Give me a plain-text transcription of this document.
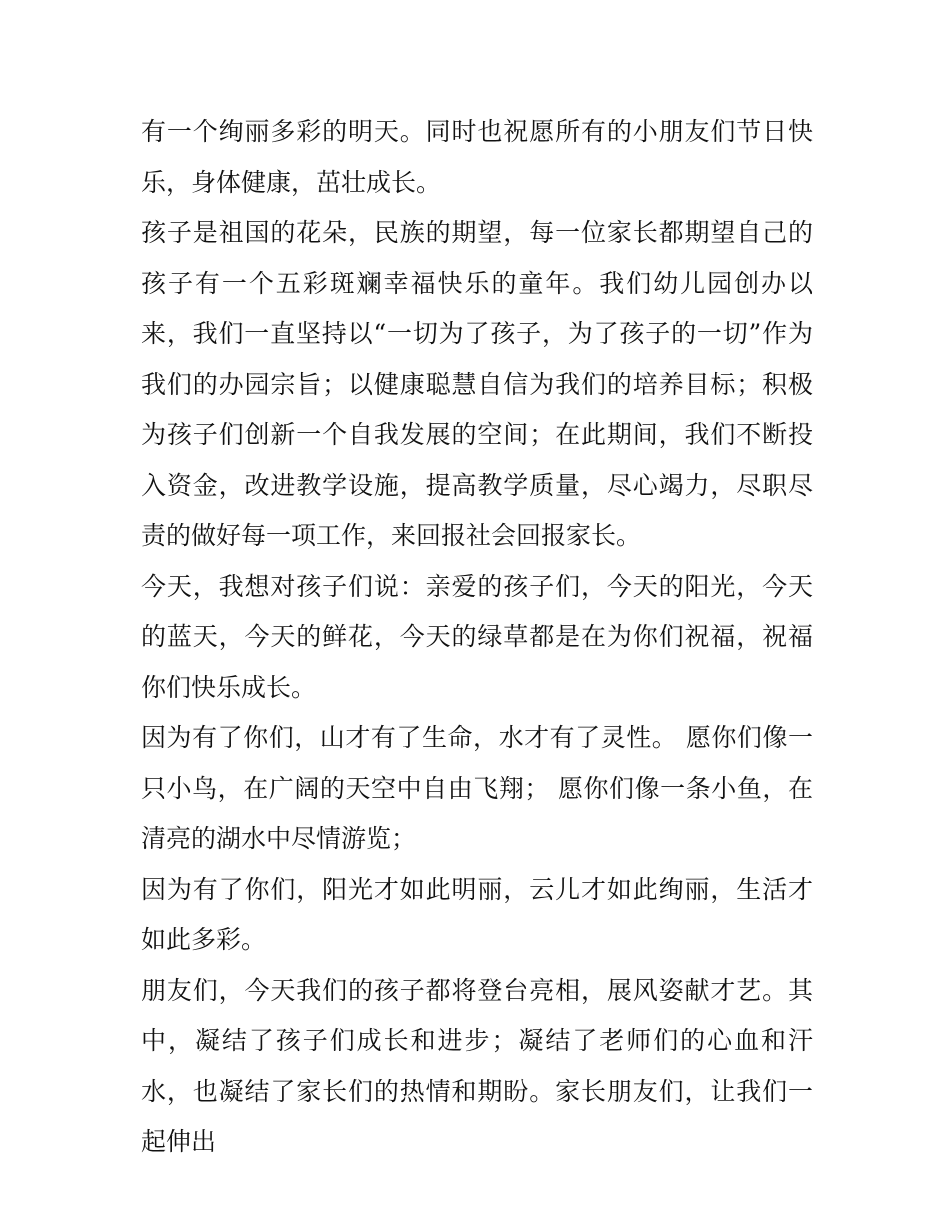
有一个绚丽多彩的明天。同时也祝愿所有的小朋友们节日快乐，身体健康，茁壮成长。

孩子是祖国的花朵，民族的期望，每一位家长都期望自己的孩子有一个五彩斑斓幸福快乐的童年。我们幼儿园创办以来，我们一直坚持以“一切为了孩子，为了孩子的一切”作为我们的办园宗旨；以健康聪慧自信为我们的培养目标；积极为孩子们创新一个自我发展的空间；在此期间，我们不断投入资金，改进教学设施，提高教学质量，尽心竭力，尽职尽责的做好每一项工作，来回报社会回报家长。

今天，我想对孩子们说：亲爱的孩子们，今天的阳光，今天的蓝天，今天的鲜花，今天的绿草都是在为你们祝福，祝福你们快乐成长。

因为有了你们，山才有了生命，水才有了灵性。 愿你们像一只小鸟，在广阔的天空中自由飞翔； 愿你们像一条小鱼，在清亮的湖水中尽情游览；

因为有了你们，阳光才如此明丽，云儿才如此绚丽，生活才如此多彩。

朋友们，今天我们的孩子都将登台亮相，展风姿献才艺。其中，凝结了孩子们成长和进步；凝结了老师们的心血和汗水，也凝结了家长们的热情和期盼。家长朋友们，让我们一起伸出
